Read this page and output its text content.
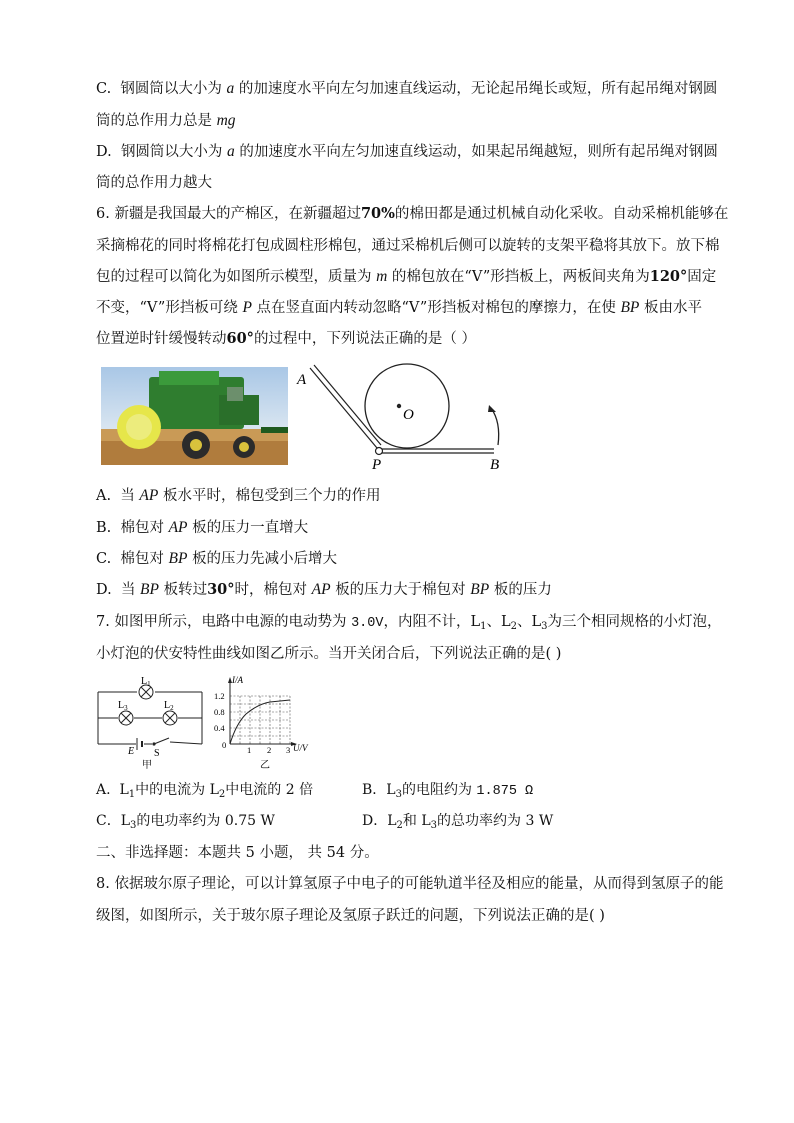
C. 钢圆筒以大小为 a 的加速度水平向左匀加速直线运动，无论起吊绳长或短，所有起吊绳对钢圆
筒的总作用力总是 mg
D. 钢圆筒以大小为 a 的加速度水平向左匀加速直线运动，如果起吊绳越短，则所有起吊绳对钢圆
筒的总作用力越大
6. 新疆是我国最大的产棉区，在新疆超过70%的棉田都是通过机械自动化采收。自动采棉机能够在
采摘棉花的同时将棉花打包成圆柱形棉包，通过采棉机后侧可以旋转的支架平稳将其放下。放下棉
包的过程可以简化为如图所示模型，质量为 m 的棉包放在“V”形挡板上，两板间夹角为120°固定
不变，“V”形挡板可绕 P 点在竖直面内转动忽略“V”形挡板对棉包的摩擦力，在使 BP 板由水平
位置逆时针缓慢转动60°的过程中，下列说法正确的是（ ）
A
O
P	B
A. 当 AP 板水平时，棉包受到三个力的作用
B. 棉包对 AP 板的压力一直增大
C. 棉包对 BP 板的压力先减小后增大
D. 当 BP 板转过30°时，棉包对 AP 板的压力大于棉包对 BP 板的压力
7. 如图甲所示，电路中电源的电动势为 3.0V，内阻不计，$L_1$、$L_2$、$L_3$为三个相同规格的小灯泡，
小灯泡的伏安特性曲线如图乙所示。当开关闭合后，下列说法正确的是( )
$L_1$
$L_3$	$L_2$
E S
甲
I/A
U/V
0
1.2
0.8
0.4
1 2 3
乙
A. $L_1$中的电流为 $L_2$中电流的 2 倍	B．$L_3$的电阻约为 1.875 Ω
C．$L_3$的电功率约为 0.75 W	D．$L_2$和 $L_3$的总功率约为 3 W
二、非选择题：本题共 5 小题， 共 54 分。
8. 依据玻尔原子理论，可以计算氢原子中电子的可能轨道半径及相应的能量，从而得到氢原子的能
级图，如图所示，关于玻尔原子理论及氢原子跃迁的问题，下列说法正确的是( )
